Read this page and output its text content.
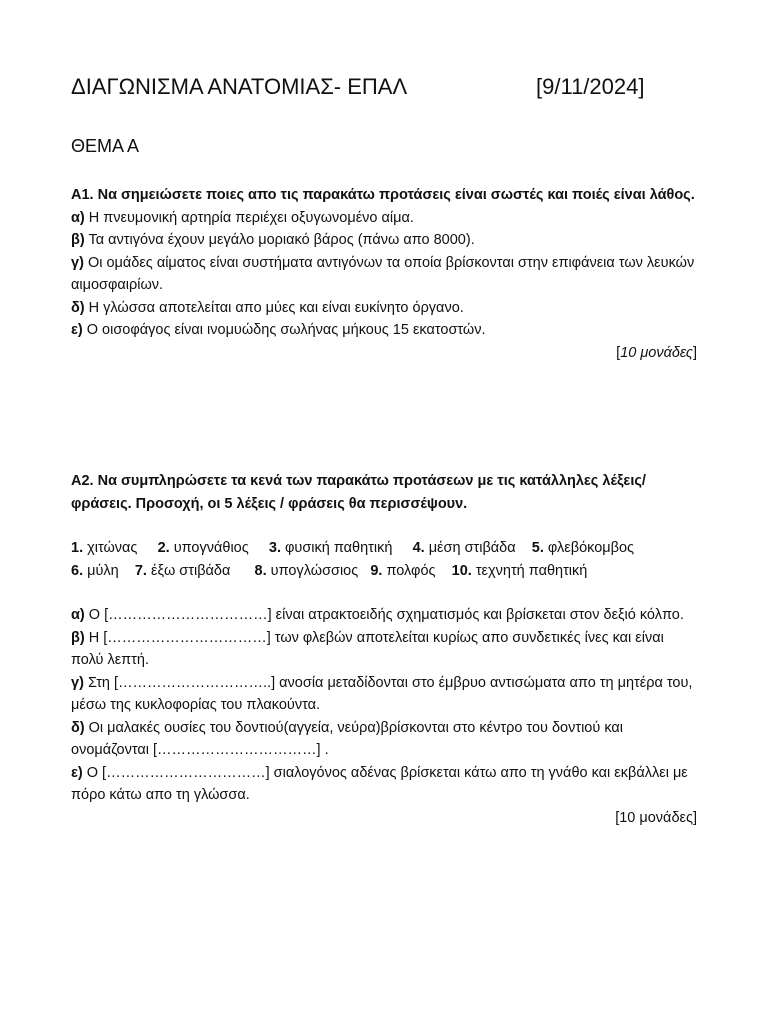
ΔΙΑΓΩΝΙΣΜΑ ΑΝΑΤΟΜΙΑΣ- ΕΠΑΛ	[9/11/2024]
ΘΕΜΑ Α

Α1. Να σημειώσετε ποιες απο τις παρακάτω προτάσεις είναι σωστές και ποιές είναι λάθος.

α) Η πνευμονική αρτηρία περιέχει οξυγωνομένο αίμα.

β) Τα αντιγόνα έχουν μεγάλο μοριακό βάρος (πάνω απο 8000).

γ) Οι ομάδες αίματος είναι συστήματα αντιγόνων τα οποία βρίσκονται στην επιφάνεια των λευκών αιμοσφαιρίων.

δ) Η γλώσσα αποτελείται απο μύες και είναι ευκίνητο όργανο.

ε) Ο οισοφάγος είναι ινομυώδης σωλήνας μήκους 15 εκατοστών.

[10 μονάδες]

Α2. Να συμπληρώσετε τα κενά των παρακάτω προτάσεων με τις κατάλληλες λέξεις/ φράσεις. Προσοχή, οι 5 λέξεις / φράσεις θα περισσέψουν.

1. χιτώνας 2. υπογνάθιος 3. φυσική παθητική 4. μέση στιβάδα 5. φλεβόκομβος

6. μύλη 7. έξω στιβάδα 8. υπογλώσσιος 9. πολφός 10. τεχνητή παθητική

α) Ο [……………………………] είναι ατρακτοειδής σχηματισμός και βρίσκεται στον δεξιό κόλπο.

β) Η [……………………………] των φλεβών αποτελείται κυρίως απο συνδετικές ίνες και είναι πολύ λεπτή.

γ) Στη […………………………..] ανοσία μεταδίδονται στο έμβρυο αντισώματα απο τη μητέρα του, μέσω της κυκλοφορίας του πλακούντα.

δ) Οι μαλακές ουσίες του δοντιού(αγγεία, νεύρα)βρίσκονται στο κέντρο του δοντιού και ονομάζονται [……………………………] .

ε) Ο [……………………………] σιαλογόνος αδένας βρίσκεται κάτω απο τη γνάθο και εκβάλλει με πόρο κάτω απο τη γλώσσα.

[10 μονάδες]
